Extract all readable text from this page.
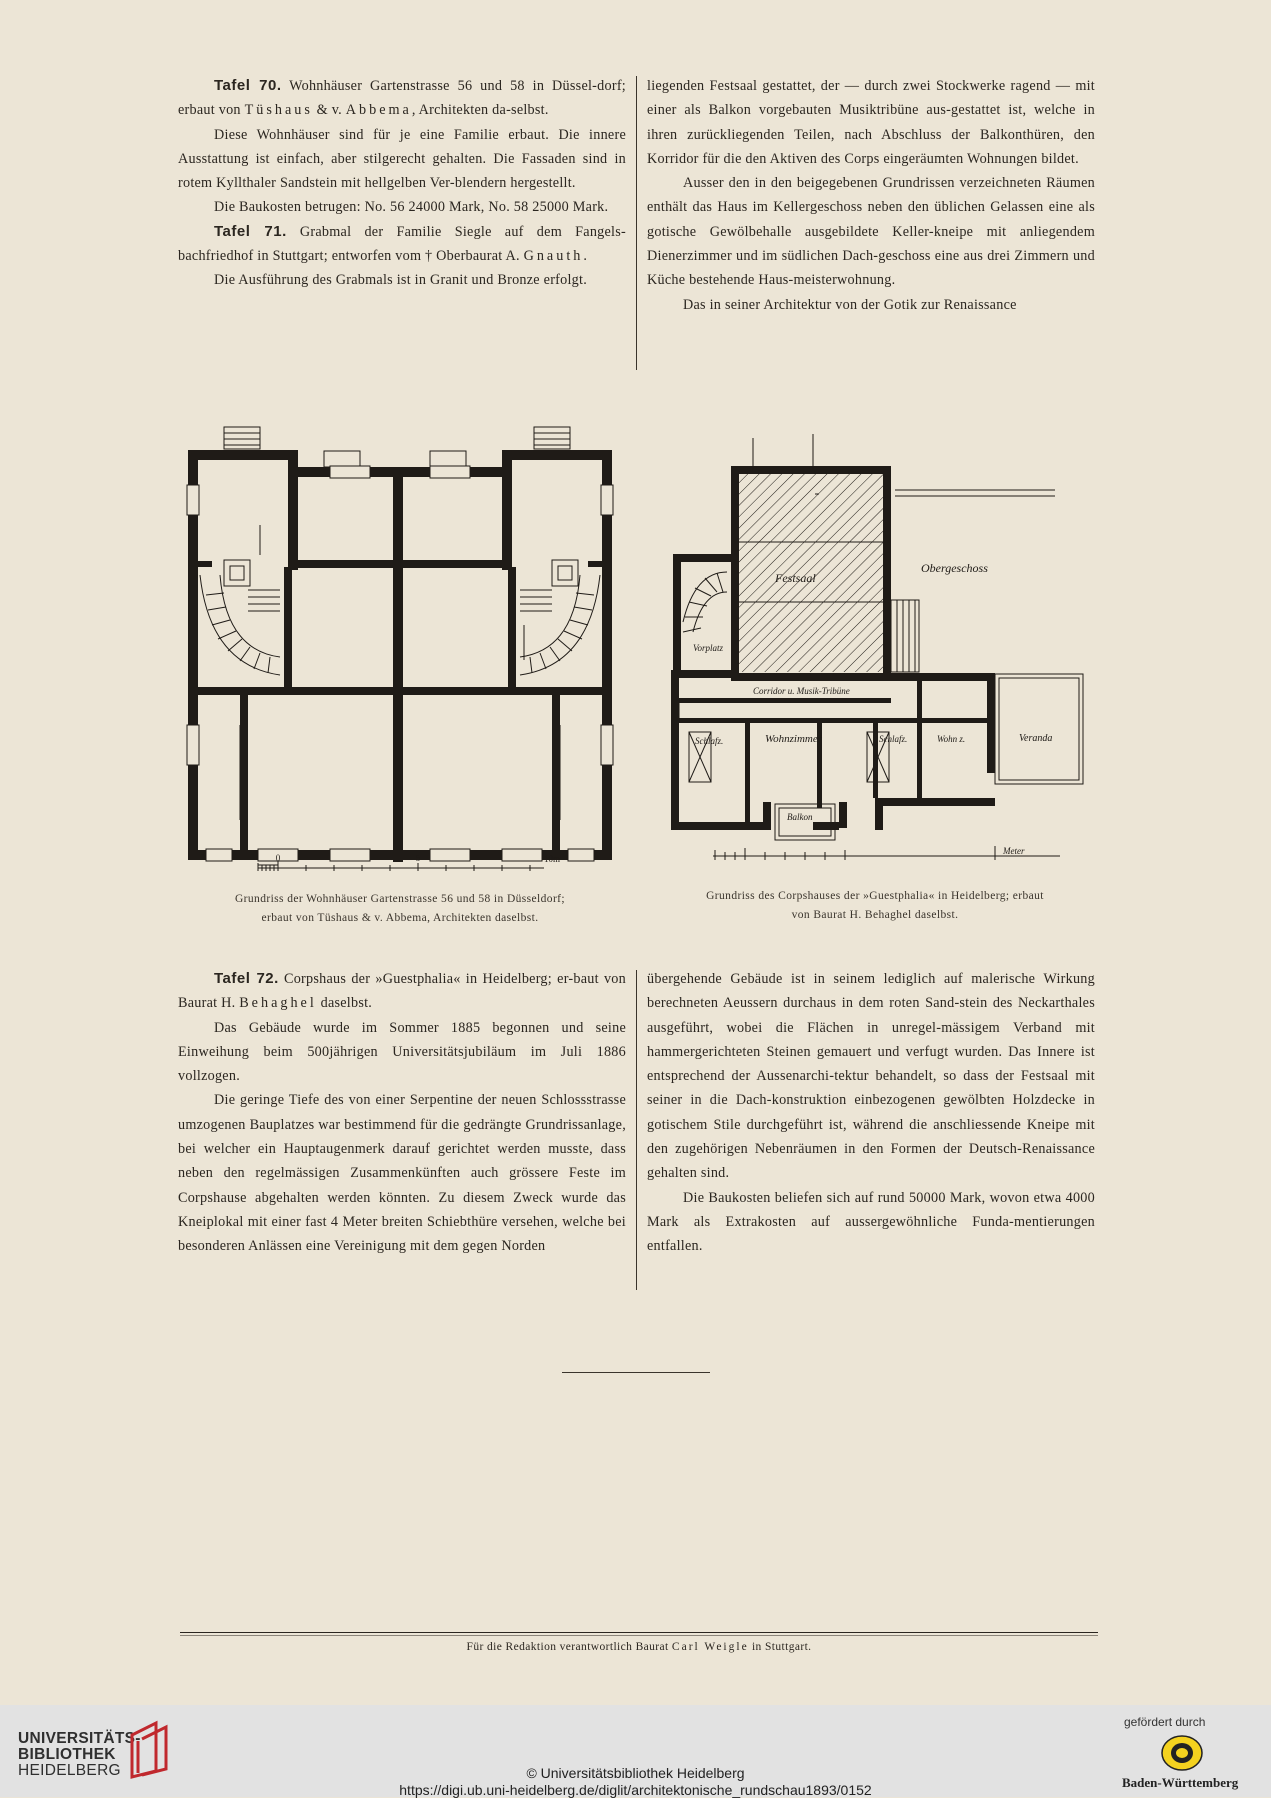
Tafel 70. Wohnhäuser Gartenstrasse 56 und 58 in Düssel-dorf; erbaut von Tüshaus & v. Abbema, Architekten da-selbst.

Diese Wohnhäuser sind für je eine Familie erbaut. Die innere Ausstattung ist einfach, aber stilgerecht gehalten. Die Fassaden sind in rotem Kyllthaler Sandstein mit hellgelben Ver-blendern hergestellt.

Die Baukosten betrugen: No. 56 24000 Mark, No. 58 25000 Mark.

Tafel 71. Grabmal der Familie Siegle auf dem Fangels-bachfriedhof in Stuttgart; entworfen vom † Oberbaurat A. Gnauth.

Die Ausführung des Grabmals ist in Granit und Bronze erfolgt.

liegenden Festsaal gestattet, der — durch zwei Stockwerke ragend — mit einer als Balkon vorgebauten Musiktribüne aus-gestattet ist, welche in ihren zurückliegenden Teilen, nach Abschluss der Balkonthüren, den Korridor für die den Aktiven des Corps eingeräumten Wohnungen bildet.

Ausser den in den beigegebenen Grundrissen verzeichneten Räumen enthält das Haus im Kellergeschoss neben den üblichen Gelassen eine als gotische Gewölbehalle ausgebildete Keller-kneipe mit anliegendem Dienerzimmer und im südlichen Dach-geschoss eine aus drei Zimmern und Küche bestehende Haus-meisterwohnung.

Das in seiner Architektur von der Gotik zur Renaissance

0	5	10m
Festsaal
Obergeschoss
Vorplatz
Corridor u. Musik-Tribüne
Schlafz.	Wohnzimmer	Schlafz.	Wohn z.	Veranda
Balkon
Meter
Grundriss der Wohnhäuser Gartenstrasse 56 und 58 in Düsseldorf;
erbaut von Tüshaus & v. Abbema, Architekten daselbst.
Grundriss des Corpshauses der »Guestphalia« in Heidelberg; erbaut
von Baurat H. Behaghel daselbst.

Tafel 72. Corpshaus der »Guestphalia« in Heidelberg; er-baut von Baurat H. Behaghel daselbst.

Das Gebäude wurde im Sommer 1885 begonnen und seine Einweihung beim 500jährigen Universitätsjubiläum im Juli 1886 vollzogen.

Die geringe Tiefe des von einer Serpentine der neuen Schlossstrasse umzogenen Bauplatzes war bestimmend für die gedrängte Grundrissanlage, bei welcher ein Hauptaugenmerk darauf gerichtet werden musste, dass neben den regelmässigen Zusammenkünften auch grössere Feste im Corpshause abgehalten werden könnten. Zu diesem Zweck wurde das Kneiplokal mit einer fast 4 Meter breiten Schiebthüre versehen, welche bei besonderen Anlässen eine Vereinigung mit dem gegen Norden

übergehende Gebäude ist in seinem lediglich auf malerische Wirkung berechneten Aeussern durchaus in dem roten Sand-stein des Neckarthales ausgeführt, wobei die Flächen in unregel-mässigem Verband mit hammergerichteten Steinen gemauert und verfugt wurden. Das Innere ist entsprechend der Aussenarchi-tektur behandelt, so dass der Festsaal mit seiner in die Dach-konstruktion einbezogenen gewölbten Holzdecke in gotischem Stile durchgeführt ist, während die anschliessende Kneipe mit den zugehörigen Nebenräumen in den Formen der Deutsch-Renaissance gehalten sind.

Die Baukosten beliefen sich auf rund 50000 Mark, wovon etwa 4000 Mark als Extrakosten auf aussergewöhnliche Funda-mentierungen entfallen.

Für die Redaktion verantwortlich Baurat Carl Weigle in Stuttgart.
UNIVERSITÄTS-
BIBLIOTHEK
HEIDELBERG	© Universitätsbibliothek Heidelberg
https://digi.ub.uni-heidelberg.de/diglit/architektonische_rundschau1893/0152
gefördert durch
Baden-Württemberg
